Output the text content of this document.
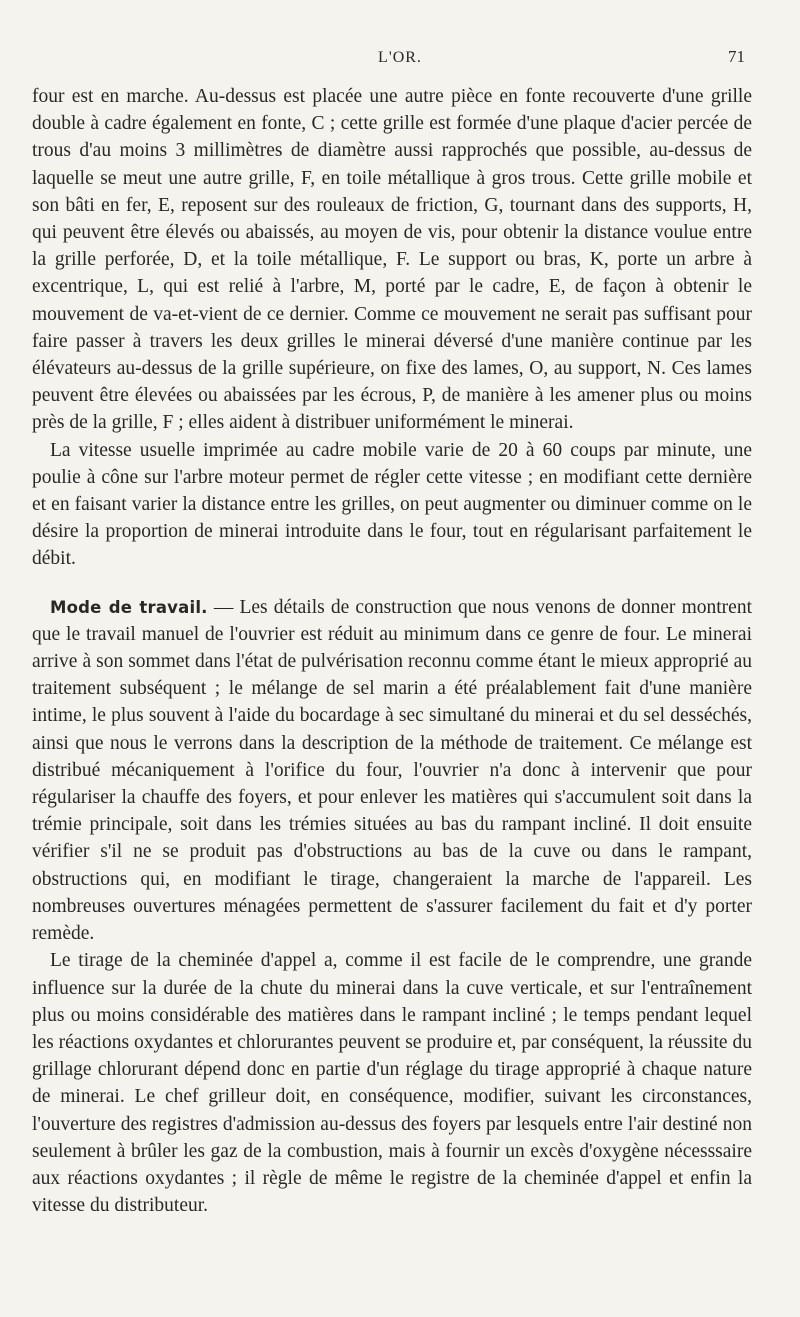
L'OR.	71

four est en marche. Au-dessus est placée une autre pièce en fonte recouverte d'une grille double à cadre également en fonte, C ; cette grille est formée d'une plaque d'acier percée de trous d'au moins 3 millimètres de diamètre aussi rapprochés que possible, au-dessus de laquelle se meut une autre grille, F, en toile métallique à gros trous. Cette grille mobile et son bâti en fer, E, reposent sur des rouleaux de friction, G, tournant dans des supports, H, qui peuvent être élevés ou abaissés, au moyen de vis, pour obtenir la distance voulue entre la grille perforée, D, et la toile métallique, F. Le support ou bras, K, porte un arbre à excentrique, L, qui est relié à l'arbre, M, porté par le cadre, E, de façon à obtenir le mouvement de va-et-vient de ce dernier. Comme ce mouvement ne serait pas suffisant pour faire passer à travers les deux grilles le minerai déversé d'une manière continue par les élévateurs au-dessus de la grille supérieure, on fixe des lames, O, au support, N. Ces lames peuvent être élevées ou abaissées par les écrous, P, de manière à les amener plus ou moins près de la grille, F ; elles aident à distribuer uniformément le minerai.

La vitesse usuelle imprimée au cadre mobile varie de 20 à 60 coups par minute, une poulie à cône sur l'arbre moteur permet de régler cette vitesse ; en modifiant cette dernière et en faisant varier la distance entre les grilles, on peut augmenter ou diminuer comme on le désire la proportion de minerai introduite dans le four, tout en régularisant parfaitement le débit.

Mode de travail. — Les détails de construction que nous venons de donner montrent que le travail manuel de l'ouvrier est réduit au minimum dans ce genre de four. Le minerai arrive à son sommet dans l'état de pulvérisation reconnu comme étant le mieux approprié au traitement subséquent ; le mélange de sel marin a été préalablement fait d'une manière intime, le plus souvent à l'aide du bocardage à sec simultané du minerai et du sel desséchés, ainsi que nous le verrons dans la description de la méthode de traitement. Ce mélange est distribué mécaniquement à l'orifice du four, l'ouvrier n'a donc à intervenir que pour régulariser la chauffe des foyers, et pour enlever les matières qui s'accumulent soit dans la trémie principale, soit dans les trémies situées au bas du rampant incliné. Il doit ensuite vérifier s'il ne se produit pas d'obstructions au bas de la cuve ou dans le rampant, obstructions qui, en modifiant le tirage, changeraient la marche de l'appareil. Les nombreuses ouvertures ménagées permettent de s'assurer facilement du fait et d'y porter remède.

Le tirage de la cheminée d'appel a, comme il est facile de le comprendre, une grande influence sur la durée de la chute du minerai dans la cuve verticale, et sur l'entraînement plus ou moins considérable des matières dans le rampant incliné ; le temps pendant lequel les réactions oxydantes et chlorurantes peuvent se produire et, par conséquent, la réussite du grillage chlorurant dépend donc en partie d'un réglage du tirage approprié à chaque nature de minerai. Le chef grilleur doit, en conséquence, modifier, suivant les circonstances, l'ouverture des registres d'admission au-dessus des foyers par lesquels entre l'air destiné non seulement à brûler les gaz de la combustion, mais à fournir un excès d'oxygène nécesssaire aux réactions oxydantes ; il règle de même le registre de la cheminée d'appel et enfin la vitesse du distributeur.
